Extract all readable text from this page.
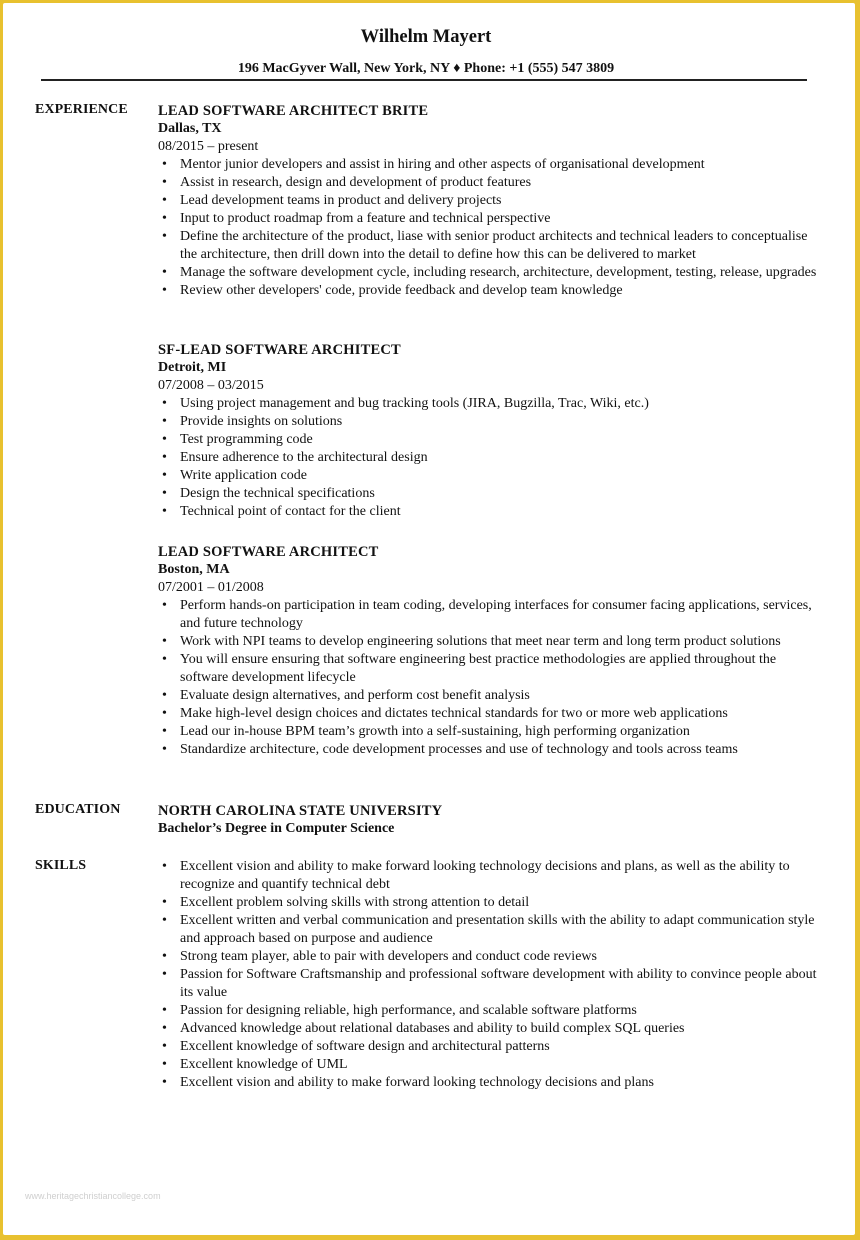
Wilhelm Mayert
196 MacGyver Wall, New York, NY ♦ Phone: +1 (555) 547 3809
EXPERIENCE LEAD SOFTWARE ARCHITECT BRITE
Dallas, TX
08/2015 – present
• Mentor junior developers and assist in hiring and other aspects of organisational development
• Assist in research, design and development of product features
• Lead development teams in product and delivery projects
• Input to product roadmap from a feature and technical perspective
• Define the architecture of the product, liase with senior product architects and technical leaders to conceptualise the architecture, then drill down into the detail to define how this can be delivered to market
• Manage the software development cycle, including research, architecture, development, testing, release, upgrades
• Review other developers' code, provide feedback and develop team knowledge
SF-LEAD SOFTWARE ARCHITECT
Detroit, MI
07/2008 – 03/2015
• Using project management and bug tracking tools (JIRA, Bugzilla, Trac, Wiki, etc.)
• Provide insights on solutions
• Test programming code
• Ensure adherence to the architectural design
• Write application code
• Design the technical specifications
• Technical point of contact for the client
LEAD SOFTWARE ARCHITECT
Boston, MA
07/2001 – 01/2008
• Perform hands-on participation in team coding, developing interfaces for consumer facing applications, services, and future technology
• Work with NPI teams to develop engineering solutions that meet near term and long term product solutions
• You will ensure ensuring that software engineering best practice methodologies are applied throughout the software development lifecycle
• Evaluate design alternatives, and perform cost benefit analysis
• Make high-level design choices and dictates technical standards for two or more web applications
• Lead our in-house BPM team’s growth into a self-sustaining, high performing organization
• Standardize architecture, code development processes and use of technology and tools across teams
EDUCATION	NORTH CAROLINA STATE UNIVERSITY
Bachelor’s Degree in Computer Science
SKILLS
•	Excellent vision and ability to make forward looking technology decisions and plans, as well as the ability to recognize and quantify technical debt
• Excellent problem solving skills with strong attention to detail
• Excellent written and verbal communication and presentation skills with the ability to adapt communication style and approach based on purpose and audience
• Strong team player, able to pair with developers and conduct code reviews
• Passion for Software Craftsmanship and professional software development with ability to convince people about its value
• Passion for designing reliable, high performance, and scalable software platforms
• Advanced knowledge about relational databases and ability to build complex SQL queries
• Excellent knowledge of software design and architectural patterns
• Excellent knowledge of UML
• Excellent vision and ability to make forward looking technology decisions and plans
www.heritagechristiancollege.com
